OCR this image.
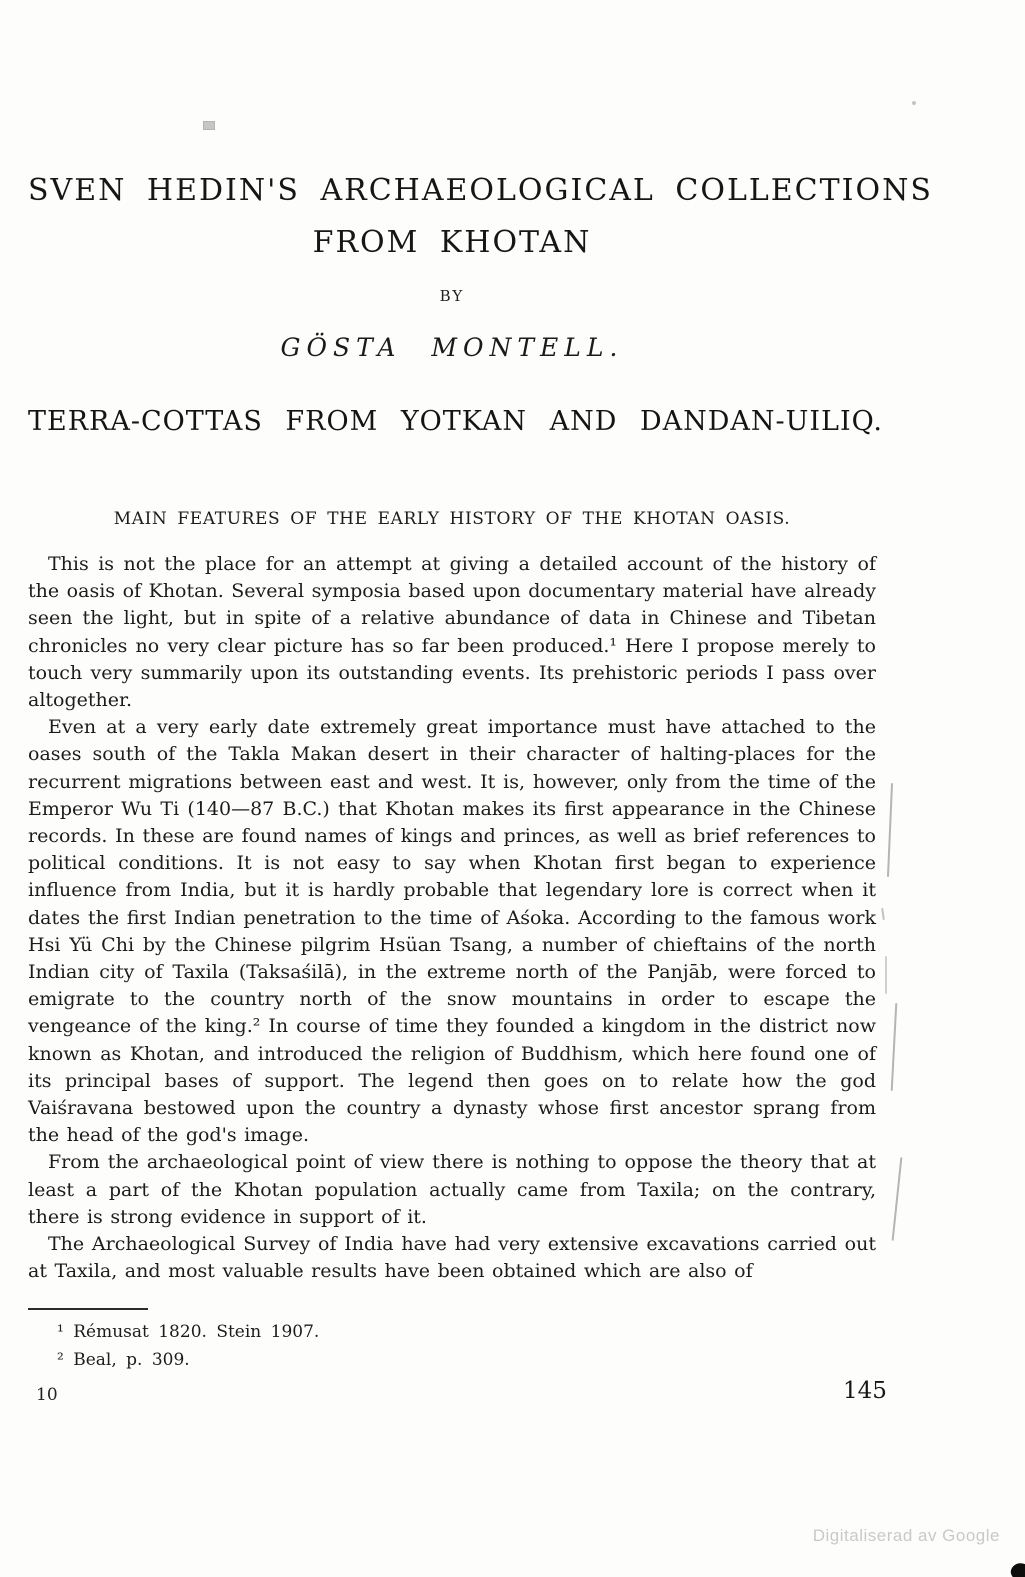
SVEN HEDIN'S ARCHAEOLOGICAL COLLECTIONS
FROM KHOTAN
BY
GÖSTA MONTELL.
TERRA-COTTAS FROM YOTKAN AND DANDAN-UILIQ.
MAIN FEATURES OF THE EARLY HISTORY OF THE KHOTAN OASIS.

This is not the place for an attempt at giving a detailed account of the history of the oasis of Khotan. Several symposia based upon documentary material have already seen the light, but in spite of a relative abundance of data in Chinese and Tibetan chronicles no very clear picture has so far been produced.¹ Here I propose merely to touch very summarily upon its outstanding events. Its prehistoric periods I pass over altogether.

Even at a very early date extremely great importance must have attached to the oases south of the Takla Makan desert in their character of halting-places for the recurrent migrations between east and west. It is, however, only from the time of the Emperor Wu Ti (140—87 B.C.) that Khotan makes its first appearance in the Chinese records. In these are found names of kings and princes, as well as brief references to political conditions. It is not easy to say when Khotan first began to experience influence from India, but it is hardly probable that legendary lore is correct when it dates the first Indian penetration to the time of Aśoka. According to the famous work Hsi Yü Chi by the Chinese pilgrim Hsüan Tsang, a number of chieftains of the north Indian city of Taxila (Taksaśilā), in the extreme north of the Panjāb, were forced to emigrate to the country north of the snow mountains in order to escape the vengeance of the king.² In course of time they founded a kingdom in the district now known as Khotan, and introduced the religion of Buddhism, which here found one of its principal bases of support. The legend then goes on to relate how the god Vaiśravana bestowed upon the country a dynasty whose first ancestor sprang from the head of the god's image.

From the archaeological point of view there is nothing to oppose the theory that at least a part of the Khotan population actually came from Taxila; on the contrary, there is strong evidence in support of it.

The Archaeological Survey of India have had very extensive excavations carried out at Taxila, and most valuable results have been obtained which are also of

¹ Rémusat 1820. Stein 1907.
² Beal, p. 309.
10	145
Digitaliserad av Google
